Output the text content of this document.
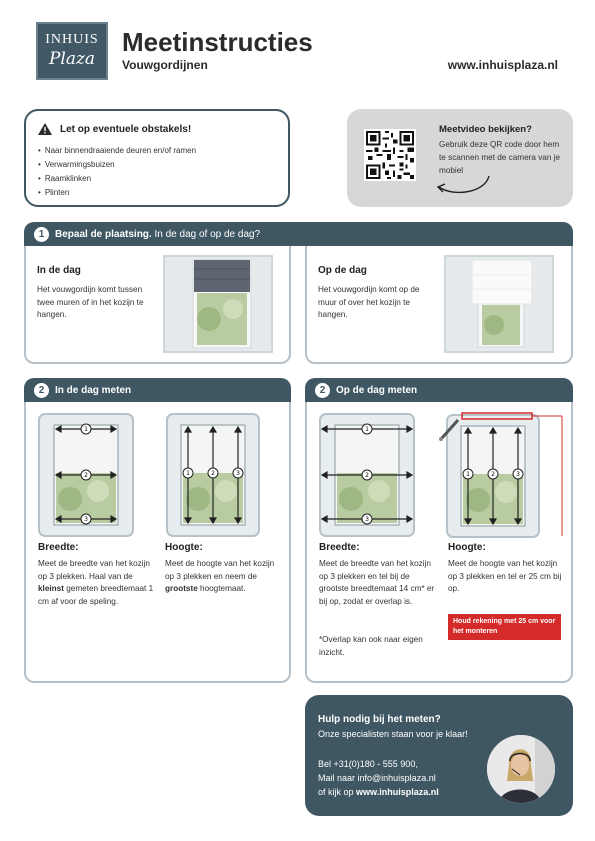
INHUIS
Plaza
Meetinstructies
Vouwgordijnen	www.inhuisplaza.nl
Let op eventuele obstakels!
• Naar binnendraaiende deuren en/of ramen
• Verwarmingsbuizen
• Raamklinken
• Plinten
Meetvideo bekijken?
Gebruik deze QR code door hem te scannen met de camera van je mobiel
1	Bepaal de plaatsing. In de dag of op de dag?
In de dag
Het vouwgordijn komt tussen twee muren of in het kozijn te hangen.
Op de dag
Het vouwgordijn komt op de muur of over het kozijn te hangen.
2	In de dag meten
1
2
3
1	2	3
Breedte:
Meet de breedte van het kozijn op 3 plekken. Haal van de kleinst gemeten breedtemaat 1 cm af voor de speling.
Hoogte:
Meet de hoogte van het kozijn op 3 plekken en neem de grootste hoogtemaat.
2	Op de dag meten
1
2
3
1	2	3
Breedte:
Meet de breedte van het kozijn op 3 plekken en tel bij de grootste breedtemaat 14 cm* er bij op, zodat er overlap is.
*Overlap kan ook naar eigen inzicht.
Hoogte:
Meet de hoogte van het kozijn op 3 plekken en tel er 25 cm bij op.
Houd rekening met 25 cm voor het monteren
Hulp nodig bij het meten?
Onze specialisten staan voor je klaar!
Bel +31(0)180 - 555 900,
Mail naar info@inhuisplaza.nl
of kijk op www.inhuisplaza.nl
